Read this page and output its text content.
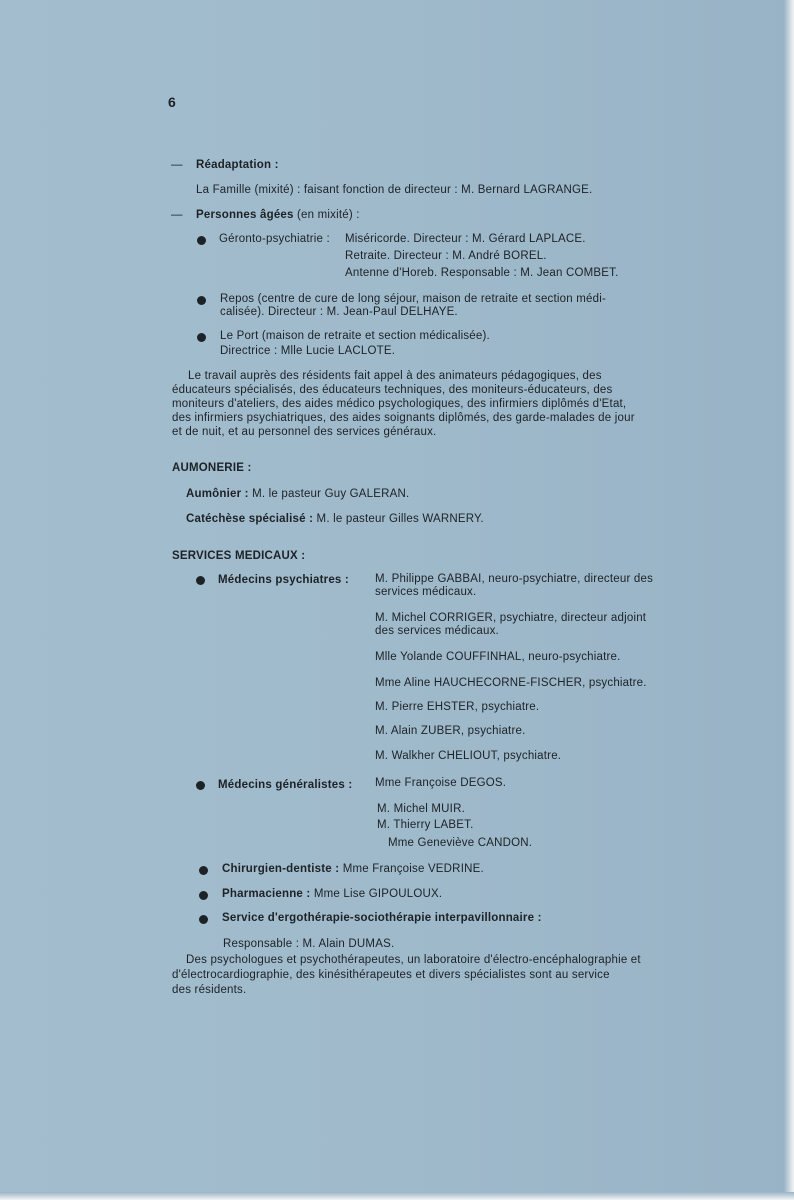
6
— Réadaptation :
La Famille (mixité) : faisant fonction de directeur : M. Bernard LAGRANGE.
— Personnes âgées (en mixité) :
Géronto-psychiatrie : Miséricorde. Directeur : M. Gérard LAPLACE.
Retraite. Directeur : M. André BOREL.
Antenne d'Horeb. Responsable : M. Jean COMBET.
Repos (centre de cure de long séjour, maison de retraite et section médi-
calisée). Directeur : M. Jean-Paul DELHAYE.
Le Port (maison de retraite et section médicalisée).
Directrice : Mlle Lucie LACLOTE.
Le travail auprès des résidents fait appel à des animateurs pédagogiques, des
éducateurs spécialisés, des éducateurs techniques, des moniteurs-éducateurs, des
moniteurs d'ateliers, des aides médico psychologiques, des infirmiers diplômés d'Etat,
des infirmiers psychiatriques, des aides soignants diplômés, des garde-malades de jour
et de nuit, et au personnel des services généraux.
AUMONERIE :
Aumônier : M. le pasteur Guy GALERAN.
Catéchèse spécialisé : M. le pasteur Gilles WARNERY.
SERVICES MEDICAUX :
Médecins psychiatres : M. Philippe GABBAI, neuro-psychiatre, directeur des
services médicaux.
M. Michel CORRIGER, psychiatre, directeur adjoint
des services médicaux.
Mlle Yolande COUFFINHAL, neuro-psychiatre.
Mme Aline HAUCHECORNE-FISCHER, psychiatre.
M. Pierre EHSTER, psychiatre.
M. Alain ZUBER, psychiatre.
M. Walkher CHELIOUT, psychiatre.
Médecins généralistes : Mme Françoise DEGOS.
M. Michel MUIR.
M. Thierry LABET.
Mme Geneviève CANDON.
Chirurgien-dentiste : Mme Françoise VEDRINE.
Pharmacienne : Mme Lise GIPOULOUX.
Service d'ergothérapie-sociothérapie interpavillonnaire :
Responsable : M. Alain DUMAS.
Des psychologues et psychothérapeutes, un laboratoire d'électro-encéphalographie et
d'électrocardiographie, des kinésithérapeutes et divers spécialistes sont au service
des résidents.
